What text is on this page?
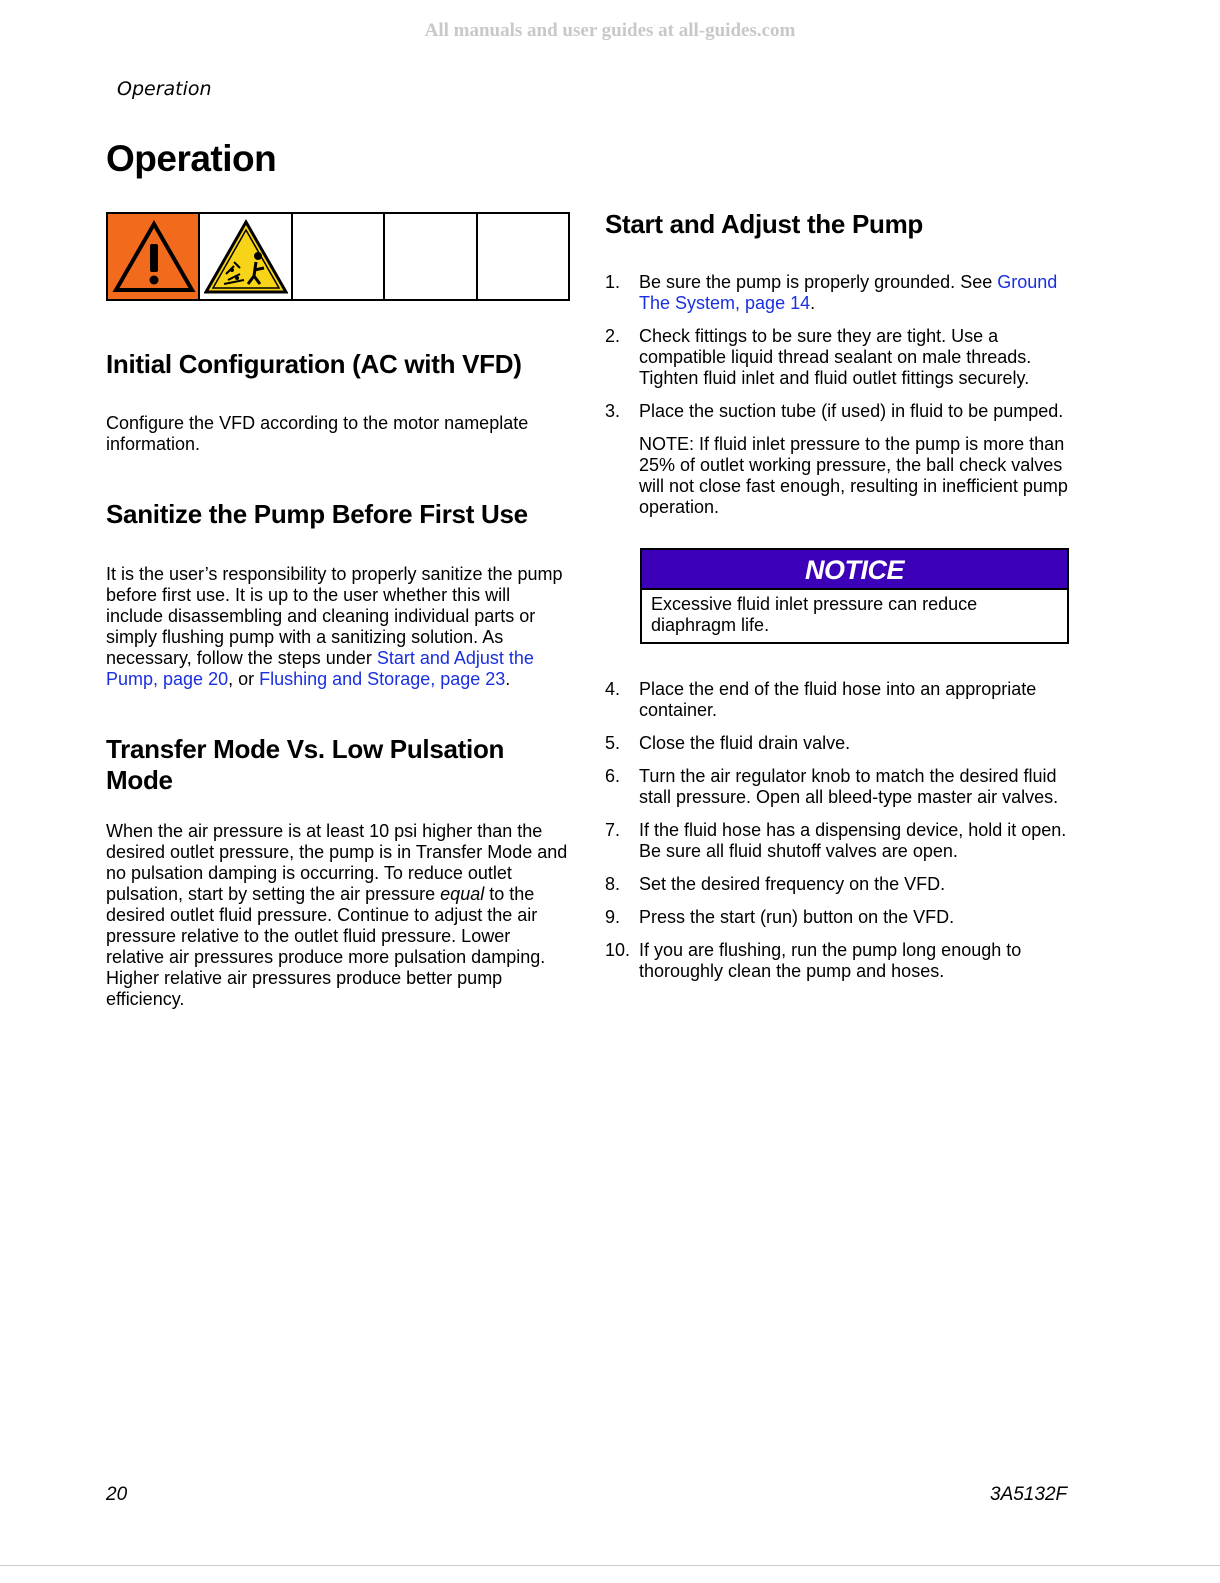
All manuals and user guides at all-guides.com
Operation
Operation
Initial Configuration (AC with VFD)

Configure the VFD according to the motor nameplate information.

Sanitize the Pump Before First Use

It is the user’s responsibility to properly sanitize the pump before first use. It is up to the user whether this will include disassembling and cleaning individual parts or simply flushing pump with a sanitizing solution. As necessary, follow the steps under Start and Adjust the Pump, page 20, or Flushing and Storage, page 23.

Transfer Mode Vs. Low Pulsation Mode

When the air pressure is at least 10 psi higher than the desired outlet pressure, the pump is in Transfer Mode and no pulsation damping is occurring. To reduce outlet pulsation, start by setting the air pressure equal to the desired outlet fluid pressure. Continue to adjust the air pressure relative to the outlet fluid pressure. Lower relative air pressures produce more pulsation damping. Higher relative air pressures produce better pump efficiency.

Start and Adjust the Pump
1. Be sure the pump is properly grounded. See Ground The System, page 14.
2. Check fittings to be sure they are tight. Use a compatible liquid thread sealant on male threads. Tighten fluid inlet and fluid outlet fittings securely.
3. Place the suction tube (if used) in fluid to be pumped.

NOTE: If fluid inlet pressure to the pump is more than 25% of outlet working pressure, the ball check valves will not close fast enough, resulting in inefficient pump operation.

NOTICE
Excessive fluid inlet pressure can reduce diaphragm life.
4. Place the end of the fluid hose into an appropriate container.
5. Close the fluid drain valve.
6. Turn the air regulator knob to match the desired fluid stall pressure. Open all bleed-type master air valves.
7. If the fluid hose has a dispensing device, hold it open. Be sure all fluid shutoff valves are open.
8. Set the desired frequency on the VFD.
9. Press the start (run) button on the VFD.
10. If you are flushing, run the pump long enough to thoroughly clean the pump and hoses.
20	3A5132F
